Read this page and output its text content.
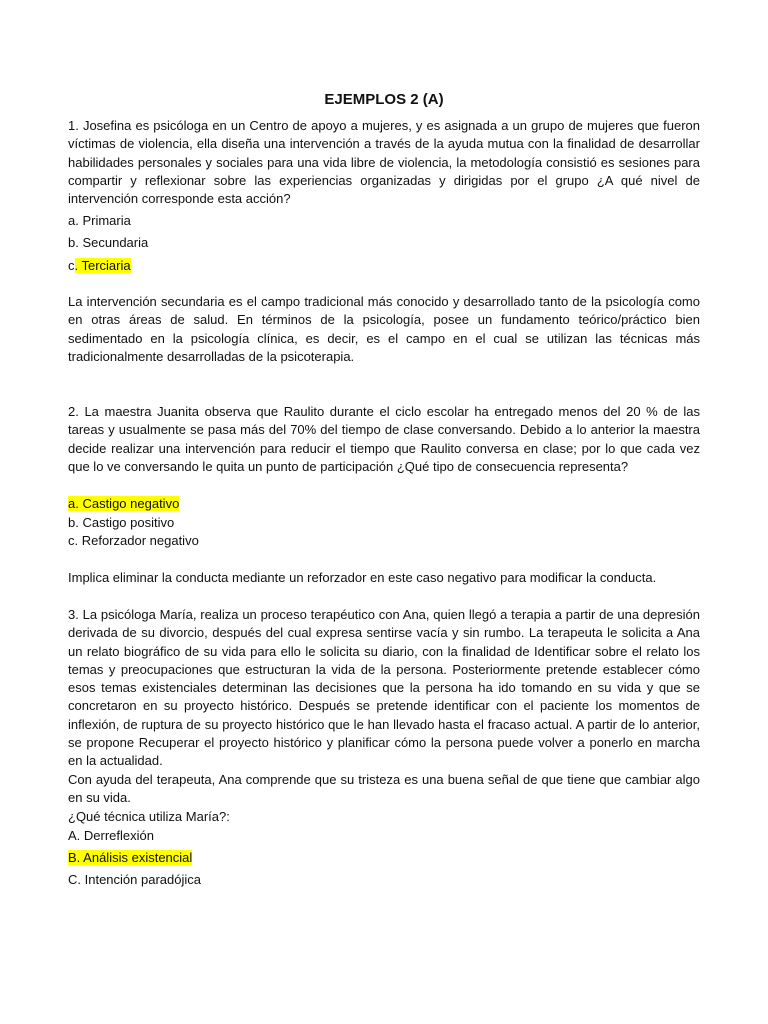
EJEMPLOS 2 (A)
1. Josefina es psicóloga en un Centro de apoyo a mujeres, y es asignada a un grupo de mujeres que fueron víctimas de violencia, ella diseña una intervención a través de la ayuda mutua con la finalidad de desarrollar habilidades personales y sociales para una vida libre de violencia, la metodología consistió es sesiones para compartir y reflexionar sobre las experiencias organizadas y dirigidas por el grupo ¿A qué nivel de intervención corresponde esta acción?
a. Primaria
b. Secundaria
c. Terciaria
La intervención secundaria es el campo tradicional más conocido y desarrollado tanto de la psicología como en otras áreas de salud. En términos de la psicología, posee un fundamento teórico/práctico bien sedimentado en la psicología clínica, es decir, es el campo en el cual se utilizan las técnicas más tradicionalmente desarrolladas de la psicoterapia.
2. La maestra Juanita observa que Raulito durante el ciclo escolar ha entregado menos del 20 % de las tareas y usualmente se pasa más del 70% del tiempo de clase conversando. Debido a lo anterior la maestra decide realizar una intervención para reducir el tiempo que Raulito conversa en clase; por lo que cada vez que lo ve conversando le quita un punto de participación ¿Qué tipo de consecuencia representa?
a. Castigo negativo
b. Castigo positivo
c. Reforzador negativo
Implica eliminar la conducta mediante un reforzador en este caso negativo para modificar la conducta.
3. La psicóloga María, realiza un proceso terapéutico con Ana, quien llegó a terapia a partir de una depresión derivada de su divorcio, después del cual expresa sentirse vacía y sin rumbo. La terapeuta le solicita a Ana un relato biográfico de su vida para ello le solicita su diario, con la finalidad de Identificar sobre el relato los temas y preocupaciones que estructuran la vida de la persona. Posteriormente pretende establecer cómo esos temas existenciales determinan las decisiones que la persona ha ido tomando en su vida y que se concretaron en su proyecto histórico. Después se pretende identificar con el paciente los momentos de inflexión, de ruptura de su proyecto histórico que le han llevado hasta el fracaso actual. A partir de lo anterior, se propone Recuperar el proyecto histórico y planificar cómo la persona puede volver a ponerlo en marcha en la actualidad.
Con ayuda del terapeuta, Ana comprende que su tristeza es una buena señal de que tiene que cambiar algo en su vida.
¿Qué técnica utiliza María?:
A. Derreflexión
B. Análisis existencial
C. Intención paradójica
